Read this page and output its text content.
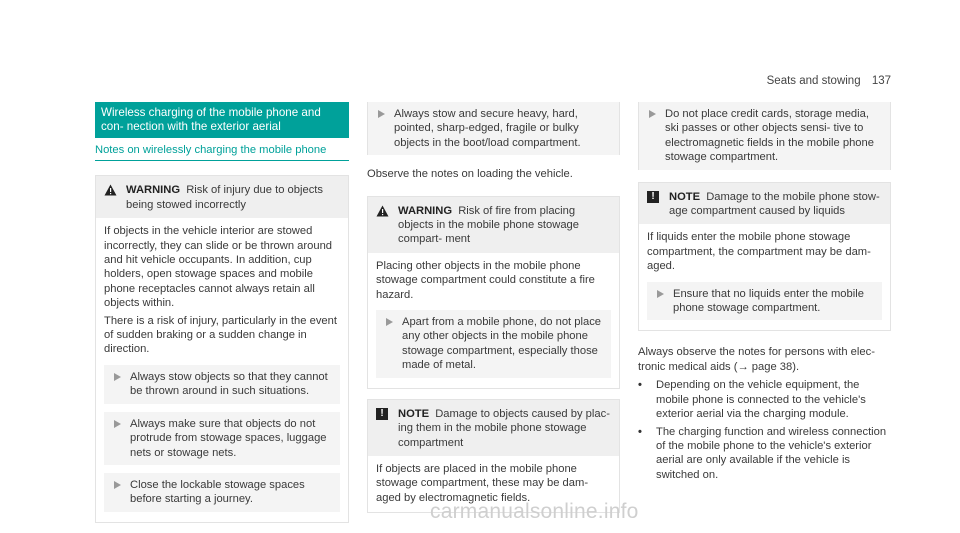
Seats and stowing 137
Wireless charging of the mobile phone and con- nection with the exterior aerial
Notes on wirelessly charging the mobile phone
WARNING Risk of injury due to objects being stowed incorrectly

If objects in the vehicle interior are stowed incorrectly, they can slide or be thrown around and hit vehicle occupants. In addition, cup holders, open stowage spaces and mobile phone receptacles cannot always retain all objects within.

There is a risk of injury, particularly in the event of sudden braking or a sudden change in direction.

Always stow objects so that they cannot be thrown around in such situations.
Always make sure that objects do not protrude from stowage spaces, luggage nets or stowage nets.
Close the lockable stowage spaces before starting a journey.
Always stow and secure heavy, hard, pointed, sharp-edged, fragile or bulky objects in the boot/load compartment.

Observe the notes on loading the vehicle.

WARNING Risk of fire from placing objects in the mobile phone stowage compart- ment

Placing other objects in the mobile phone stowage compartment could constitute a fire hazard.

Apart from a mobile phone, do not place any other objects in the mobile phone stowage compartment, especially those made of metal.
!	NOTE Damage to objects caused by plac- ing them in the mobile phone stowage compartment

If objects are placed in the mobile phone stowage compartment, these may be dam- aged by electromagnetic fields.

Do not place credit cards, storage media, ski passes or other objects sensi- tive to electromagnetic fields in the mobile phone stowage compartment.
!	NOTE Damage to the mobile phone stow- age compartment caused by liquids

If liquids enter the mobile phone stowage compartment, the compartment may be dam- aged.

Ensure that no liquids enter the mobile phone stowage compartment.

Always observe the notes for persons with elec- tronic medical aids (→ page 38).

•	Depending on the vehicle equipment, the mobile phone is connected to the vehicle's exterior aerial via the charging module.
•	The charging function and wireless connection of the mobile phone to the vehicle's exterior aerial are only available if the vehicle is switched on.
carmanualsonline.info
